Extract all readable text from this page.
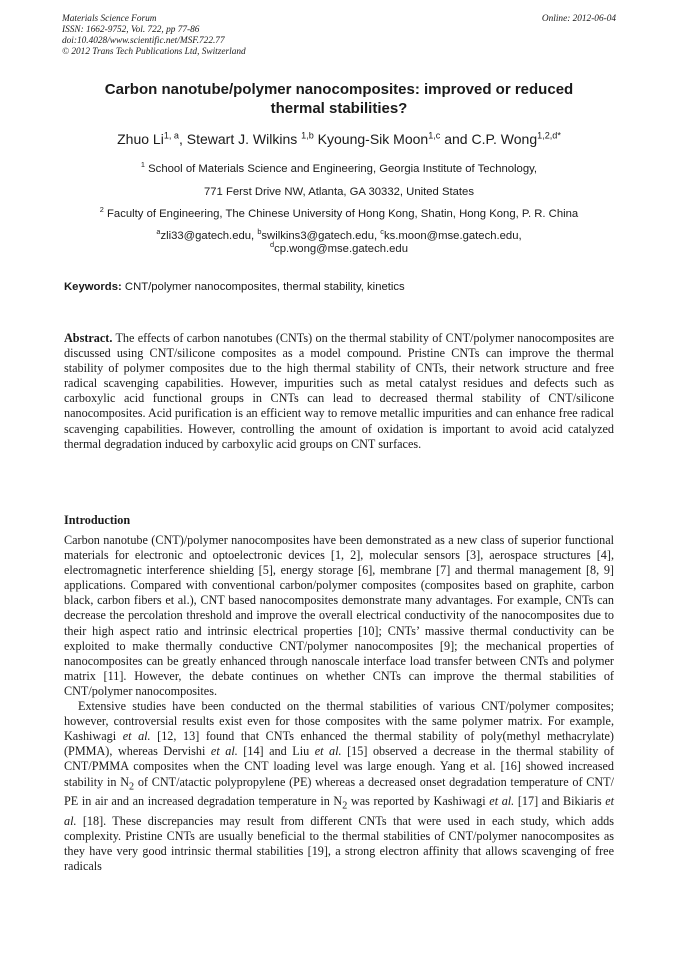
Materials Science Forum
ISSN: 1662-9752, Vol. 722, pp 77-86
doi:10.4028/www.scientific.net/MSF.722.77
© 2012 Trans Tech Publications Ltd, Switzerland
Online: 2012-06-04
Carbon nanotube/polymer nanocomposites: improved or reduced
thermal stabilities?
Zhuo Li$^{1, a}$, Stewart J. Wilkins $^{1,b}$ Kyoung-Sik Moon$^{1,c}$ and C.P. Wong$^{1,2,d*}$
$^1$ School of Materials Science and Engineering, Georgia Institute of Technology,
771 Ferst Drive NW, Atlanta, GA 30332, United States
$^2$ Faculty of Engineering, The Chinese University of Hong Kong, Shatin, Hong Kong, P. R. China
$^a$zli33@gatech.edu, $^b$swilkins3@gatech.edu, $^c$ks.moon@mse.gatech.edu,
$^d$cp.wong@mse.gatech.edu
Keywords: CNT/polymer nanocomposites, thermal stability, kinetics

Abstract. The effects of carbon nanotubes (CNTs) on the thermal stability of CNT/polymer nanocomposites are discussed using CNT/silicone composites as a model compound. Pristine CNTs can improve the thermal stability of polymer composites due to the high thermal stability of CNTs, their network structure and free radical scavenging capabilities. However, impurities such as metal catalyst residues and defects such as carboxylic acid functional groups in CNTs can lead to decreased thermal stability of CNT/silicone nanocomposites. Acid purification is an efficient way to remove metallic impurities and can enhance free radical scavenging capabilities. However, controlling the amount of oxidation is important to avoid acid catalyzed thermal degradation induced by carboxylic acid groups on CNT surfaces.

Introduction

Carbon nanotube (CNT)/polymer nanocomposites have been demonstrated as a new class of superior functional materials for electronic and optoelectronic devices [1, 2], molecular sensors [3], aerospace structures [4], electromagnetic interference shielding [5], energy storage [6], membrane [7] and thermal management [8, 9] applications. Compared with conventional carbon/polymer composites (composites based on graphite, carbon black, carbon fibers et al.), CNT based nanocomposites demonstrate many advantages. For example, CNTs can decrease the percolation threshold and improve the overall electrical conductivity of the nanocomposites due to their high aspect ratio and intrinsic electrical properties [10]; CNTs’ massive thermal conductivity can be exploited to make thermally conductive CNT/polymer nanocomposites [9]; the mechanical properties of nanocomposites can be greatly enhanced through nanoscale interface load transfer between CNTs and polymer matrix [11]. However, the debate continues on whether CNTs can improve the thermal stabilities of CNT/polymer nanocomposites.

Extensive studies have been conducted on the thermal stabilities of various CNT/polymer composites; however, controversial results exist even for those composites with the same polymer matrix. For example, Kashiwagi et al. [12, 13] found that CNTs enhanced the thermal stability of poly(methyl methacrylate) (PMMA), whereas Dervishi et al. [14] and Liu et al. [15] observed a decrease in the thermal stability of CNT/PMMA composites when the CNT loading level was large enough. Yang et al. [16] showed increased stability in $N_2$ of CNT/atactic polypropylene (PE) whereas a decreased onset degradation temperature of CNT/ PE in air and an increased degradation temperature in $N_2$ was reported by Kashiwagi et al. [17] and Bikiaris et al. [18]. These discrepancies may result from different CNTs that were used in each study, which adds complexity. Pristine CNTs are usually beneficial to the thermal stabilities of CNT/polymer nanocomposites as they have very good intrinsic thermal stabilities [19], a strong electron affinity that allows scavenging of free radicals
